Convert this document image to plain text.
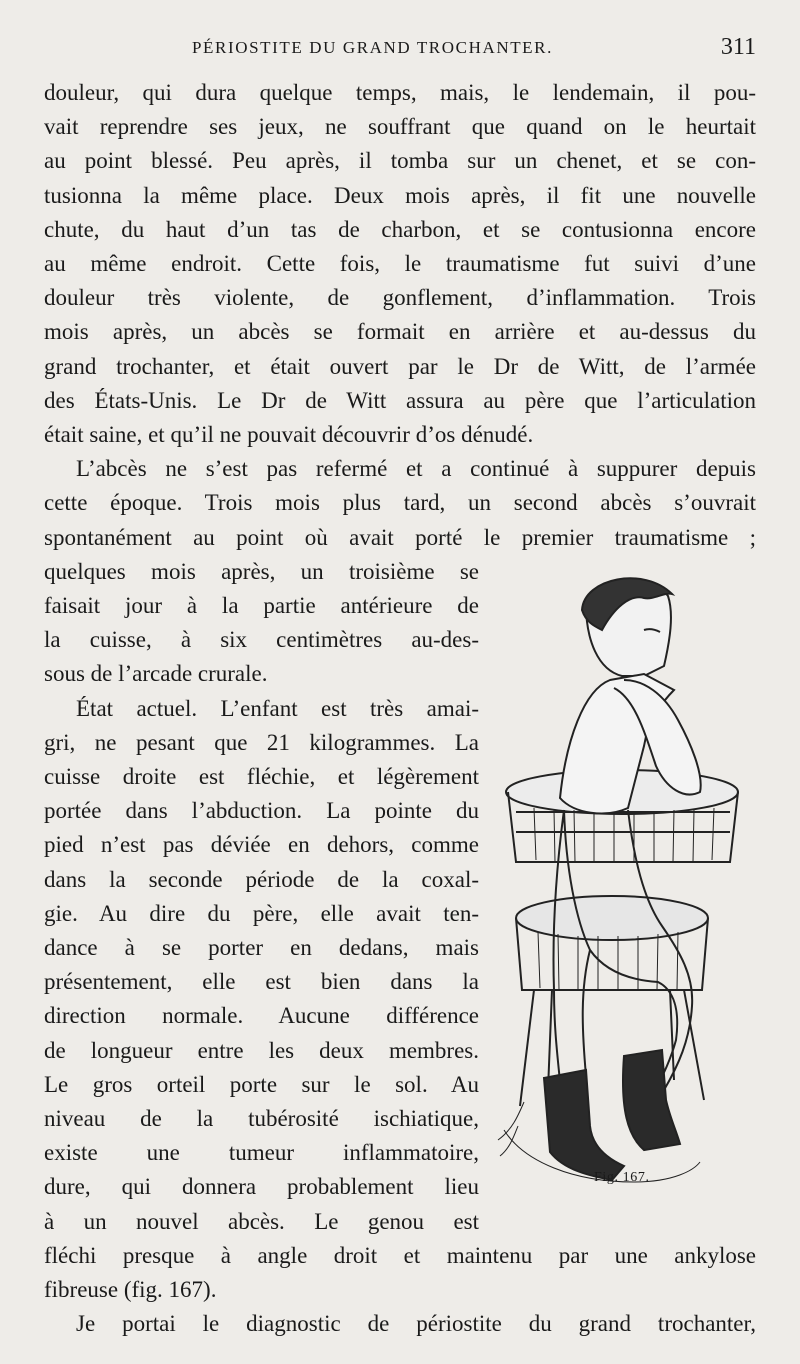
PÉRIOSTITE DU GRAND TROCHANTER.	311
douleur, qui dura quelque temps, mais, le lendemain, il pou-
vait reprendre ses jeux, ne souffrant que quand on le heurtait
au point blessé. Peu après, il tomba sur un chenet, et se con-
tusionna la même place. Deux mois après, il fit une nouvelle
chute, du haut d’un tas de charbon, et se contusionna encore
au même endroit. Cette fois, le traumatisme fut suivi d’une
douleur très violente, de gonflement, d’inflammation. Trois
mois après, un abcès se formait en arrière et au-dessus du
grand trochanter, et était ouvert par le Dr de Witt, de l’armée
des États-Unis. Le Dr de Witt assura au père que l’articulation
était saine, et qu’il ne pouvait découvrir d’os dénudé.
L’abcès ne s’est pas refermé et a continué à suppurer depuis
cette époque. Trois mois plus tard, un second abcès s’ouvrait
spontanément au point où avait porté le premier traumatisme ;
quelques mois après, un troisième se
faisait jour à la partie antérieure de
la cuisse, à six centimètres au-des-
sous de l’arcade crurale.
État actuel. L’enfant est très amai-
gri, ne pesant que 21 kilogrammes. La
cuisse droite est fléchie, et légèrement
portée dans l’abduction. La pointe du
pied n’est pas déviée en dehors, comme
dans la seconde période de la coxal-
gie. Au dire du père, elle avait ten-
dance à se porter en dedans, mais
présentement, elle est bien dans la
direction normale. Aucune différence
de longueur entre les deux membres.
Le gros orteil porte sur le sol. Au
niveau de la tubérosité ischiatique,
existe une tumeur inflammatoire,
dure, qui donnera probablement lieu
à un nouvel abcès. Le genou est
fléchi presque à angle droit et maintenu par une ankylose
fibreuse (fig. 167).
Je portai le diagnostic de périostite du grand trochanter,
Fig. 167.
